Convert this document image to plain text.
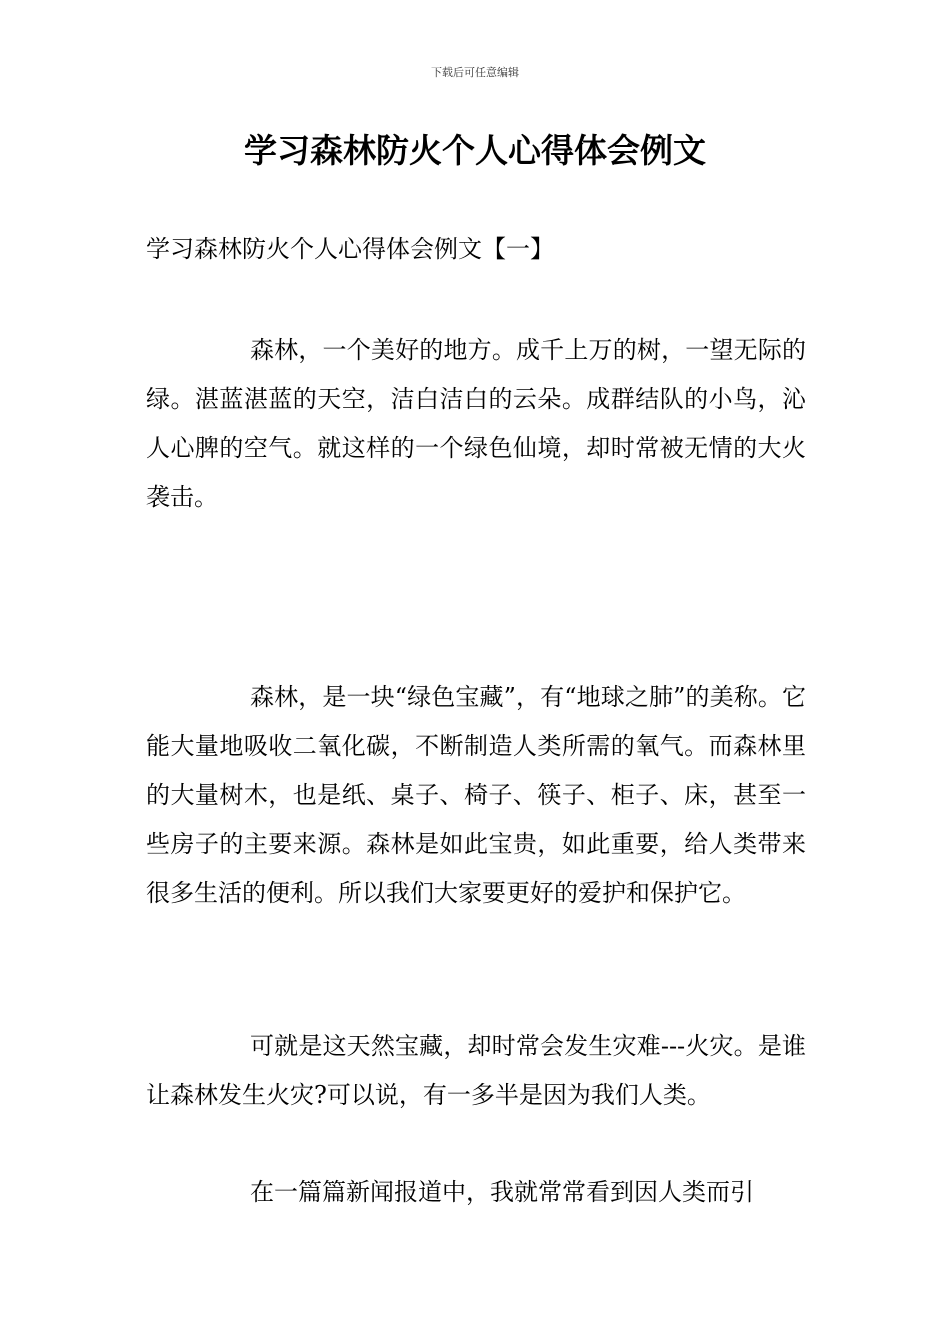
下载后可任意编辑
学习森林防火个人心得体会例文
学习森林防火个人心得体会例文【一】

森林，一个美好的地方。成千上万的树，一望无际的绿。湛蓝湛蓝的天空，洁白洁白的云朵。成群结队的小鸟，沁人心脾的空气。就这样的一个绿色仙境，却时常被无情的大火袭击。

森林，是一块“绿色宝藏”，有“地球之肺”的美称。它能大量地吸收二氧化碳，不断制造人类所需的氧气。而森林里的大量树木，也是纸、桌子、椅子、筷子、柜子、床，甚至一些房子的主要来源。森林是如此宝贵，如此重要，给人类带来很多生活的便利。所以我们大家要更好的爱护和保护它。

可就是这天然宝藏，却时常会发生灾难---火灾。是谁让森林发生火灾?可以说，有一多半是因为我们人类。

在一篇篇新闻报道中，我就常常看到因人类而引
